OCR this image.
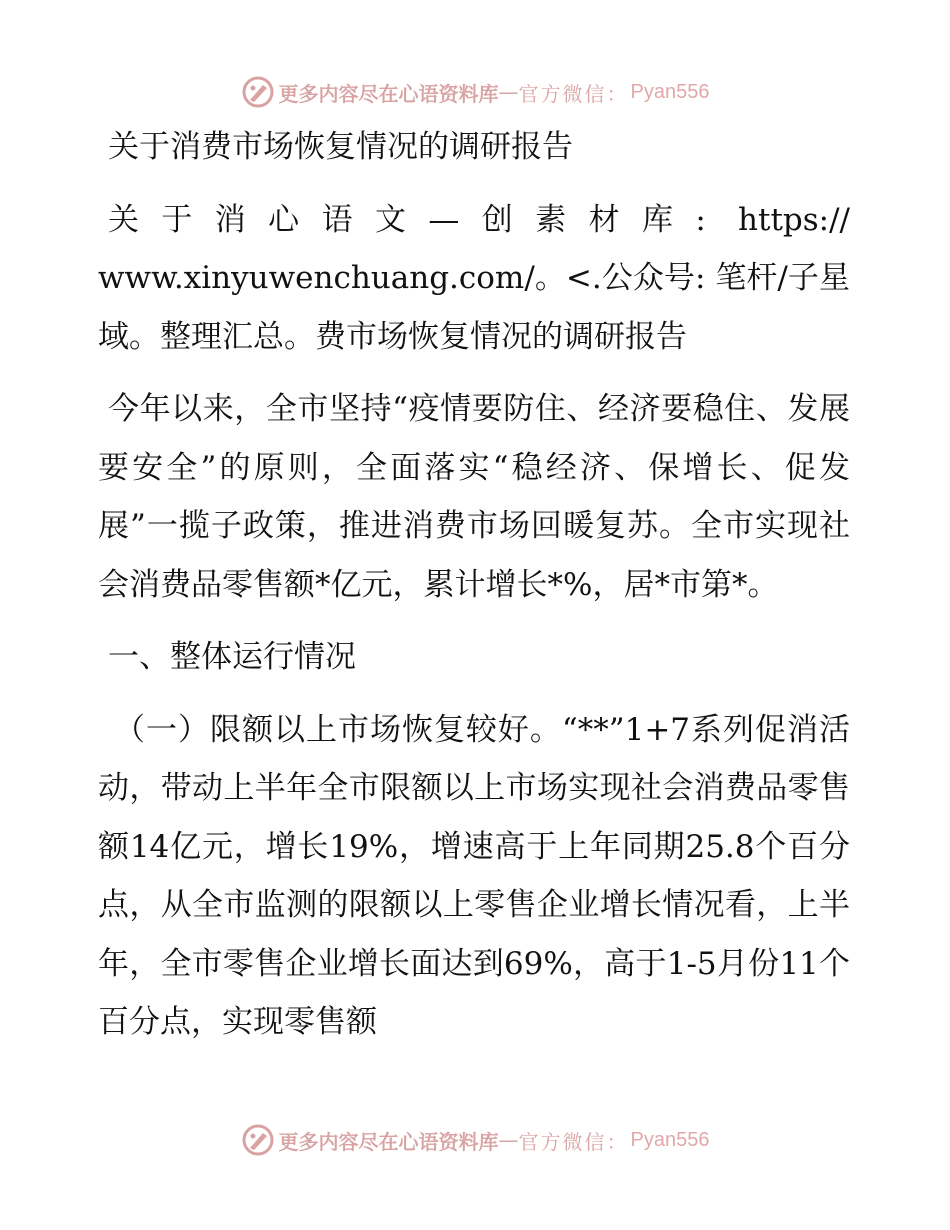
更多内容尽在心语资料库 — 官方微信： Pyan556

关于消费市场恢复情况的调研报告

关于消心语文—创素材库: https:// www.xinyuwenchuang.com/。<.公众号: 笔杆/子星域。整理汇总。费市场恢复情况的调研报告

今年以来，全市坚持“疫情要防住、经济要稳住、发展要安全”的原则，全面落实“稳经济、保增长、促发展”一揽子政策，推进消费市场回暖复苏。全市实现社会消费品零售额*亿元，累计增长*%，居*市第*。

一、整体运行情况

（一）限额以上市场恢复较好。“**”1+7系列促消活动，带动上半年全市限额以上市场实现社会消费品零售额14亿元，增长19%，增速高于上年同期25.8个百分点，从全市监测的限额以上零售企业增长情况看，上半年，全市零售企业增长面达到69%，高于1-5月份11个百分点，实现零售额

更多内容尽在心语资料库 — 官方微信： Pyan556
